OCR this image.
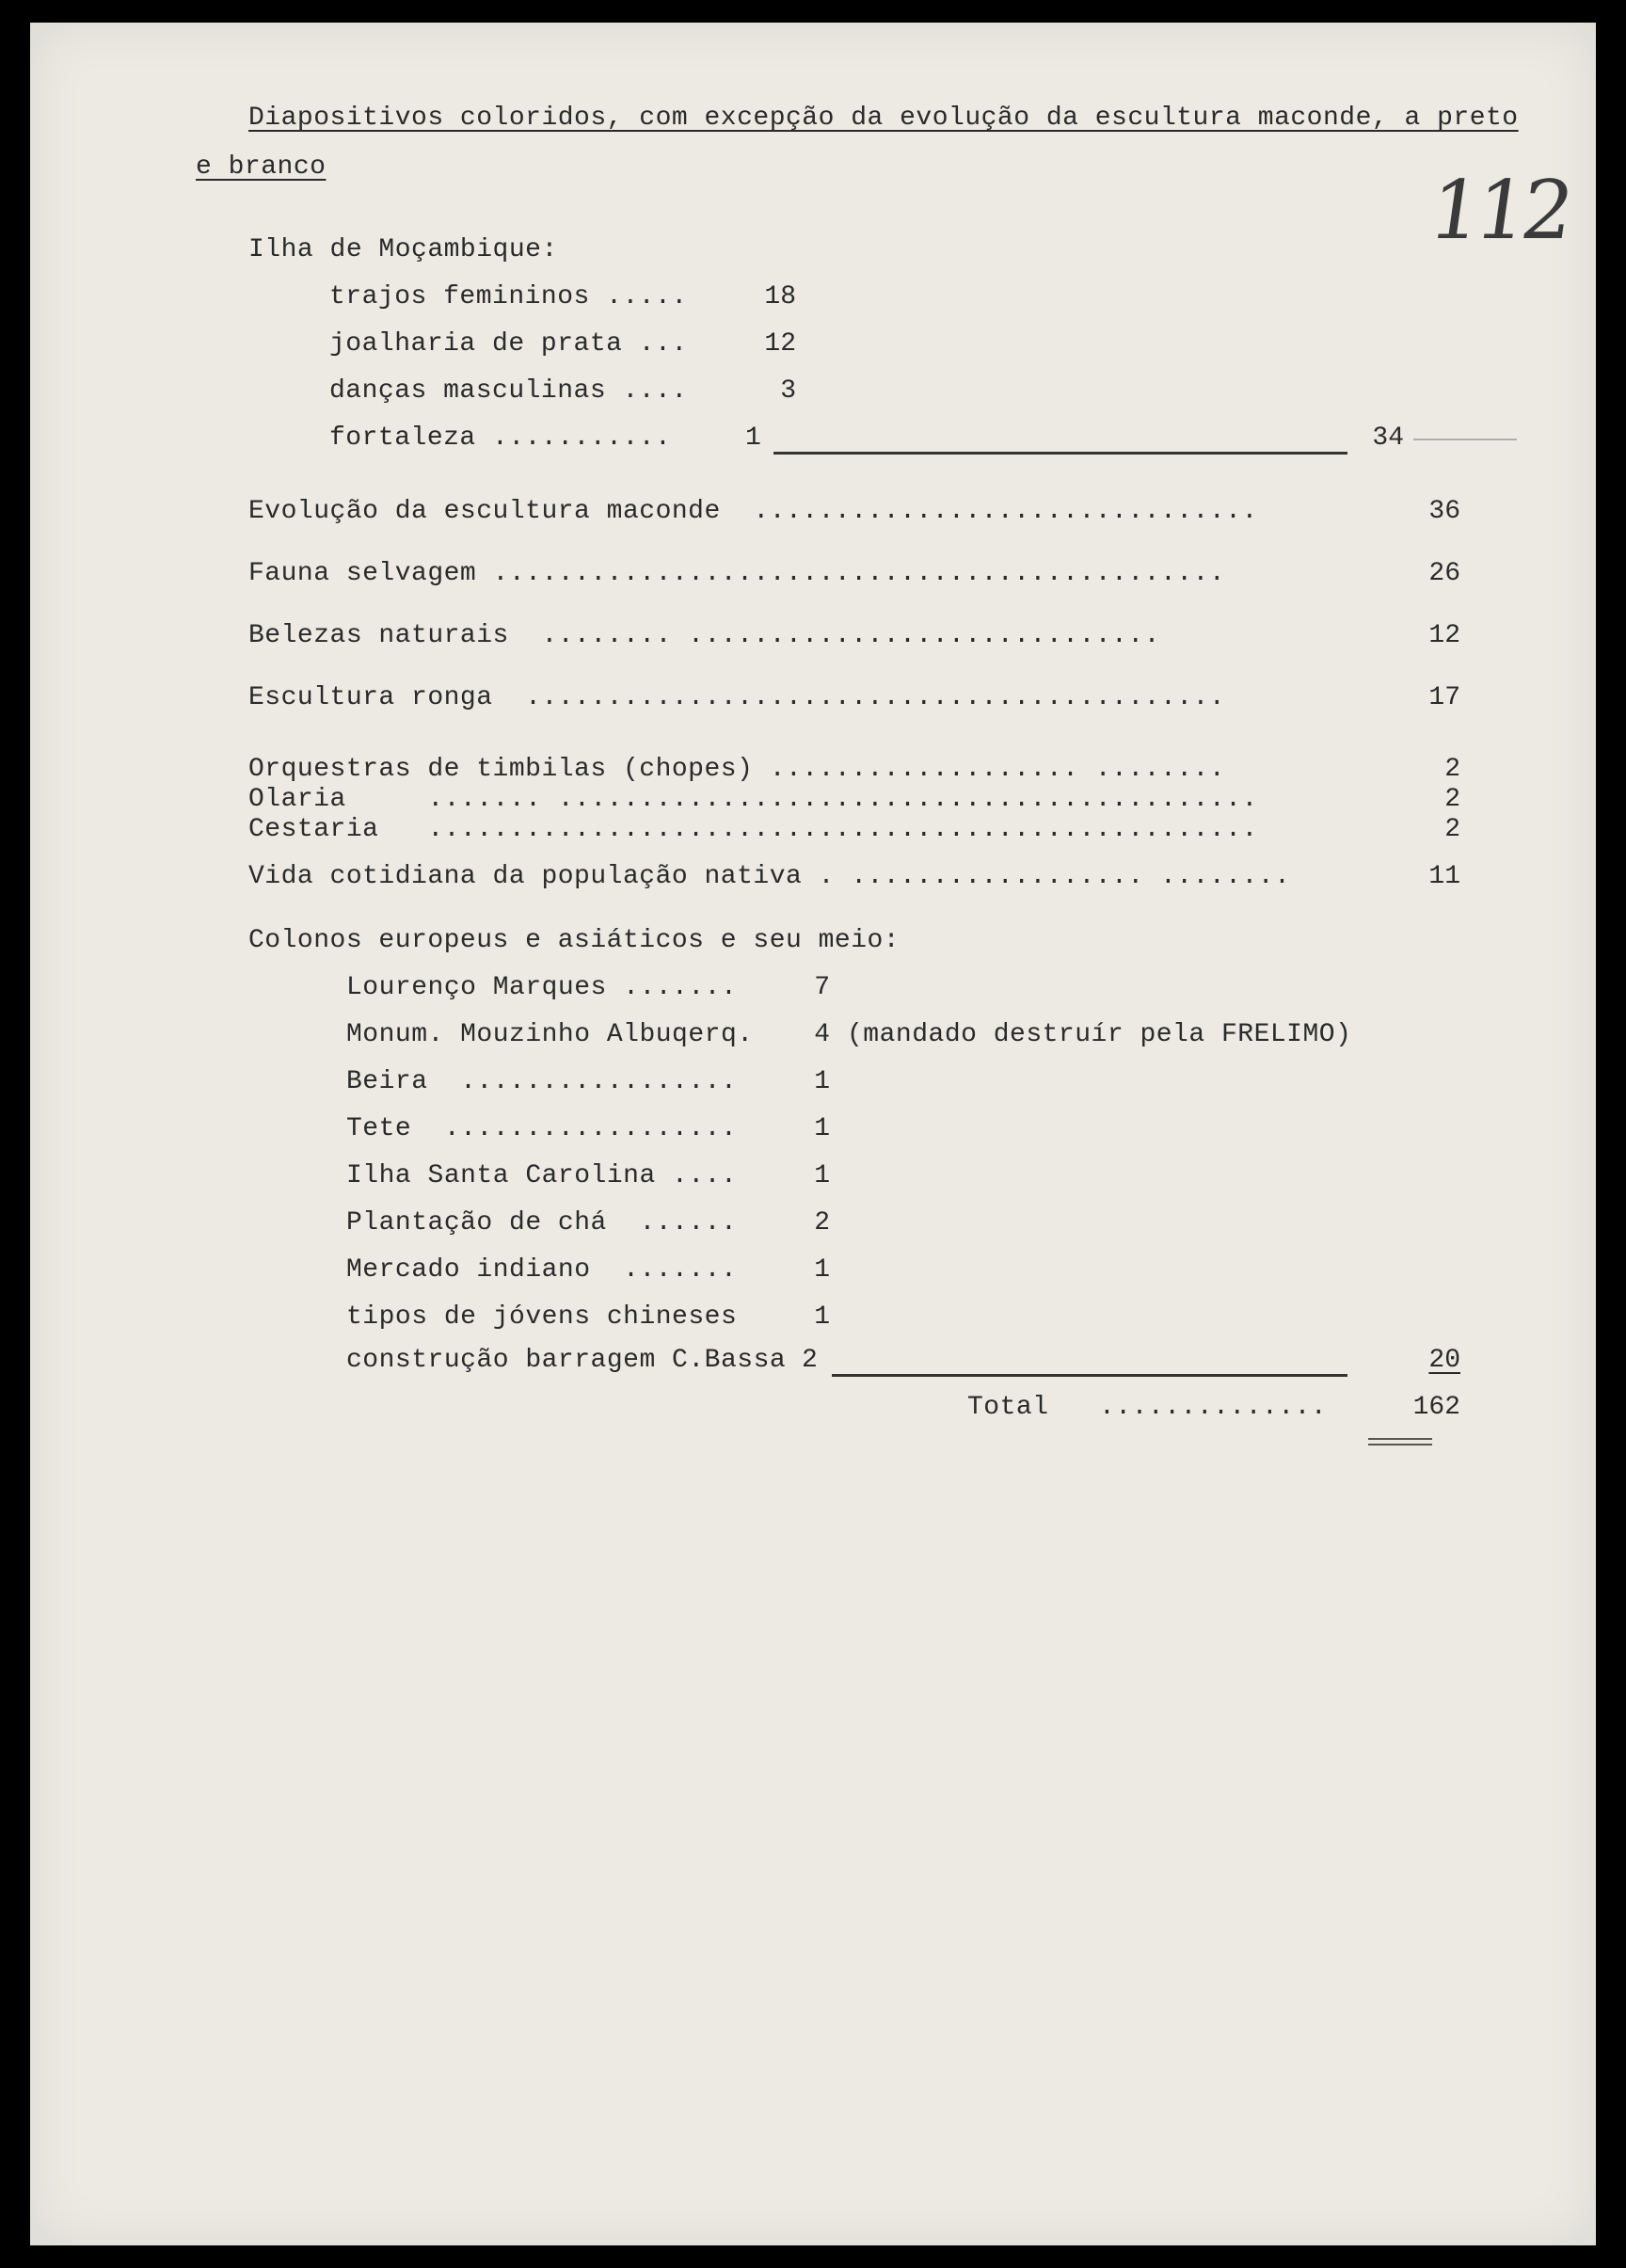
Diapositivos coloridos, com excepção da evolução da escultura maconde, a preto
e branco	112
Ilha de Moçambique:
trajos femininos .....	18
joalharia de prata ...	12
danças masculinas ....	3
fortaleza ...........	1	34
Evolução da escultura maconde  ...............................	36
Fauna selvagem .............................................	26
Belezas naturais  ........ .............................	12
Escultura ronga  ...........................................	17
Orquestras de timbilas (chopes) ................... ........	2
Olaria     ....... ...........................................	2
Cestaria   ...................................................	2
Vida cotidiana da população nativa . .................. ........	11
Colonos europeus e asiáticos e seu meio:
Lourenço Marques .......	7
Monum. Mouzinho Albuqerq.	4 (mandado destruír pela FRELIMO)
Beira  .................	1
Tete  ..................	1
Ilha Santa Carolina ....	1
Plantação de chá  ......	2
Mercado indiano  .......	1
tipos de jóvens chineses	1
construção barragem C.Bassa 2	20
Total ..............	162
